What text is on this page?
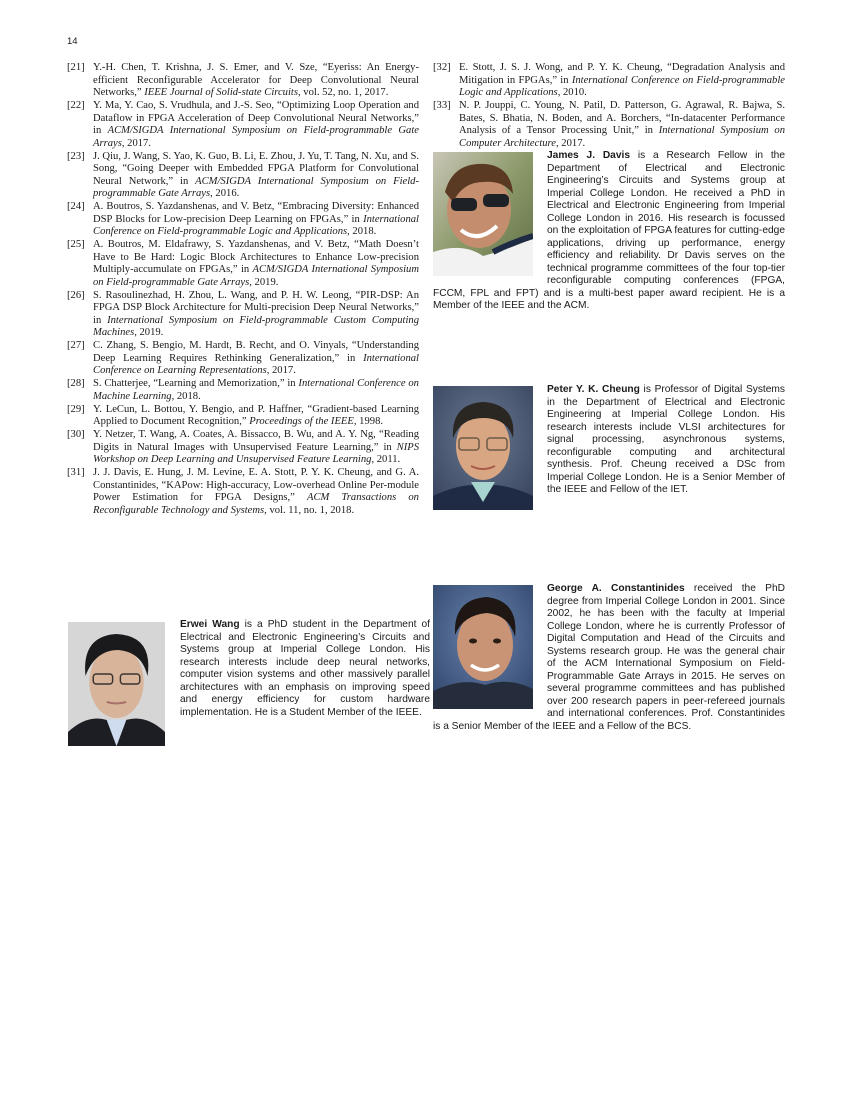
14
[21] Y.-H. Chen, T. Krishna, J. S. Emer, and V. Sze, “Eyeriss: An Energy-efficient Reconfigurable Accelerator for Deep Convolutional Neural Networks,” IEEE Journal of Solid-state Circuits, vol. 52, no. 1, 2017.
[22] Y. Ma, Y. Cao, S. Vrudhula, and J.-S. Seo, “Optimizing Loop Operation and Dataflow in FPGA Acceleration of Deep Convolutional Neural Networks,” in ACM/SIGDA International Symposium on Field-programmable Gate Arrays, 2017.
[23] J. Qiu, J. Wang, S. Yao, K. Guo, B. Li, E. Zhou, J. Yu, T. Tang, N. Xu, and S. Song, “Going Deeper with Embedded FPGA Platform for Convolutional Neural Network,” in ACM/SIGDA International Symposium on Field-programmable Gate Arrays, 2016.
[24] A. Boutros, S. Yazdanshenas, and V. Betz, “Embracing Diversity: Enhanced DSP Blocks for Low-precision Deep Learning on FPGAs,” in International Conference on Field-programmable Logic and Applications, 2018.
[25] A. Boutros, M. Eldafrawy, S. Yazdanshenas, and V. Betz, “Math Doesn’t Have to Be Hard: Logic Block Architectures to Enhance Low-precision Multiply-accumulate on FPGAs,” in ACM/SIGDA International Symposium on Field-programmable Gate Arrays, 2019.
[26] S. Rasoulinezhad, H. Zhou, L. Wang, and P. H. W. Leong, “PIR-DSP: An FPGA DSP Block Architecture for Multi-precision Deep Neural Networks,” in International Symposium on Field-programmable Custom Computing Machines, 2019.
[27] C. Zhang, S. Bengio, M. Hardt, B. Recht, and O. Vinyals, “Understanding Deep Learning Requires Rethinking Generalization,” in International Conference on Learning Representations, 2017.
[28] S. Chatterjee, “Learning and Memorization,” in International Conference on Machine Learning, 2018.
[29] Y. LeCun, L. Bottou, Y. Bengio, and P. Haffner, “Gradient-based Learning Applied to Document Recognition,” Proceedings of the IEEE, 1998.
[30] Y. Netzer, T. Wang, A. Coates, A. Bissacco, B. Wu, and A. Y. Ng, “Reading Digits in Natural Images with Unsupervised Feature Learning,” in NIPS Workshop on Deep Learning and Unsupervised Feature Learning, 2011.
[31] J. J. Davis, E. Hung, J. M. Levine, E. A. Stott, P. Y. K. Cheung, and G. A. Constantinides, “KAPow: High-accuracy, Low-overhead Online Per-module Power Estimation for FPGA Designs,” ACM Transactions on Reconfigurable Technology and Systems, vol. 11, no. 1, 2018.
[32] E. Stott, J. S. J. Wong, and P. Y. K. Cheung, “Degradation Analysis and Mitigation in FPGAs,” in International Conference on Field-programmable Logic and Applications, 2010.
[33] N. P. Jouppi, C. Young, N. Patil, D. Patterson, G. Agrawal, R. Bajwa, S. Bates, S. Bhatia, N. Boden, and A. Borchers, “In-datacenter Performance Analysis of a Tensor Processing Unit,” in International Symposium on Computer Architecture, 2017.
James J. Davis is a Research Fellow in the Department of Electrical and Electronic Engineering’s Circuits and Systems group at Imperial College London. He received a PhD in Electrical and Electronic Engineering from Imperial College London in 2016. His research is focussed on the exploitation of FPGA features for cutting-edge applications, driving up performance, energy efficiency and reliability. Dr Davis serves on the technical programme committees of the four top-tier reconfigurable computing conferences (FPGA, FCCM, FPL and FPT) and is a multi-best paper award recipient. He is a Member of the IEEE and the ACM.
Peter Y. K. Cheung is Professor of Digital Systems in the Department of Electrical and Electronic Engineering at Imperial College London. His research interests include VLSI architectures for signal processing, asynchronous systems, reconfigurable computing and architectural synthesis. Prof. Cheung received a DSc from Imperial College London. He is a Senior Member of the IEEE and Fellow of the IET.
George A. Constantinides received the PhD degree from Imperial College London in 2001. Since 2002, he has been with the faculty at Imperial College London, where he is currently Professor of Digital Computation and Head of the Circuits and Systems research group. He was the general chair of the ACM International Symposium on Field-Programmable Gate Arrays in 2015. He serves on several programme committees and has published over 200 research papers in peer-refereed journals and international conferences. Prof. Constantinides is a Senior Member of the IEEE and a Fellow of the BCS.
Erwei Wang is a PhD student in the Department of Electrical and Electronic Engineering’s Circuits and Systems group at Imperial College London. His research interests include deep neural networks, computer vision systems and other massively parallel architectures with an emphasis on improving speed and energy efficiency for custom hardware implementation. He is a Student Member of the IEEE.
